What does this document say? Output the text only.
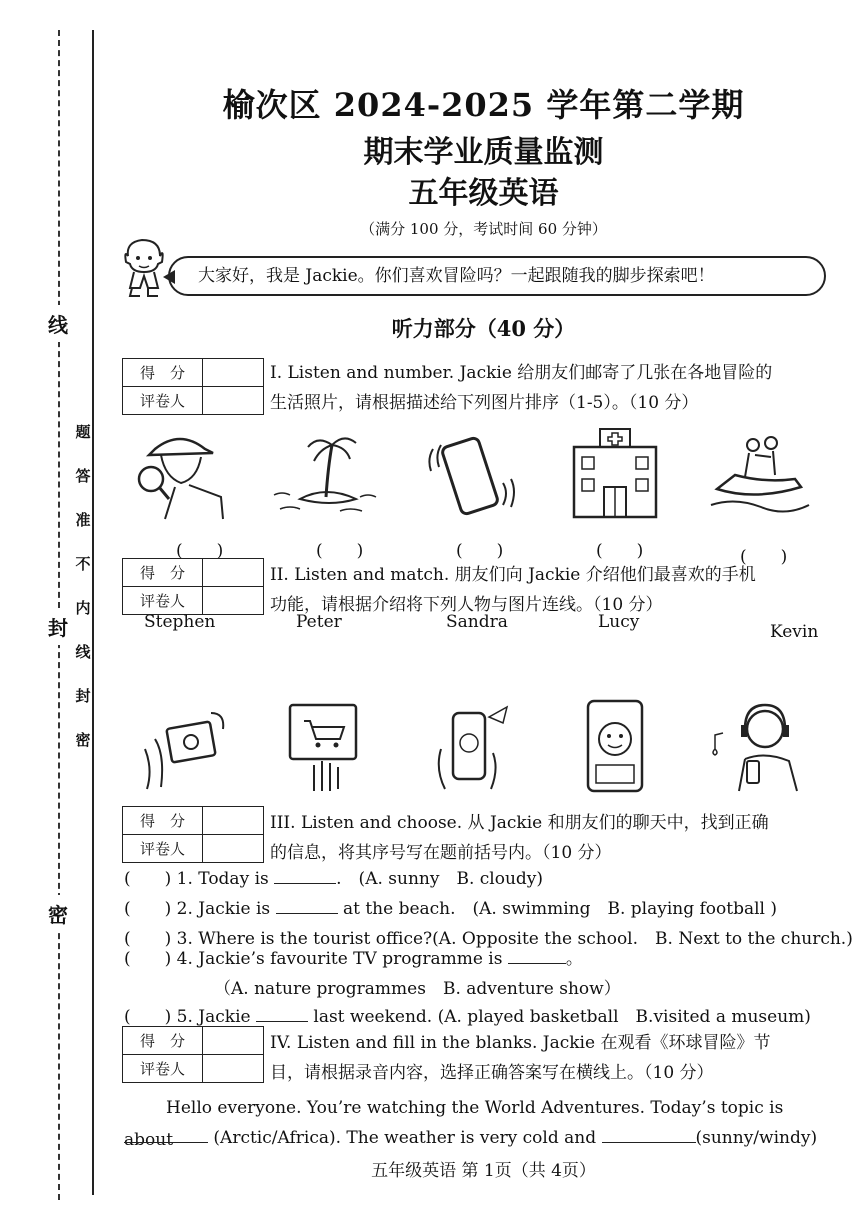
线
封
密
题
答
准
不
内
线
封
密
榆次区 2024-2025 学年第二学期
期末学业质量监测
五年级英语
（满分 100 分，考试时间 60 分钟）
大家好，我是 Jackie。你们喜欢冒险吗？一起跟随我的脚步探索吧！
听力部分（40 分）
得　分	
评卷人	
I. Listen and number. Jackie 给朋友们邮寄了几张在各地冒险的
生活照片，请根据描述给下列图片排序（1-5）。（10 分）
(　　)	(　　)	(　　)	(　　)	(　　)
得　分	
评卷人	
II. Listen and match. 朋友们向 Jackie 介绍他们最喜欢的手机
功能，请根据介绍将下列人物与图片连线。（10 分）
Stephen	Peter	Sandra	Lucy	Kevin
得　分	
评卷人	
III. Listen and choose. 从 Jackie 和朋友们的聊天中，找到正确
的信息，将其序号写在题前括号内。（10 分）
(　　) 1. Today is	.　(A. sunny　B. cloudy)
(　　) 2. Jackie is	at the beach.　(A. swimming　B. playing football )
(　　) 3. Where is the tourist office?(A. Opposite the school.　B. Next to the church.)
(　　) 4. Jackie’s favourite TV programme is	。
（A. nature programmes　B. adventure show）
(　　) 5. Jackie	last weekend. (A. played basketball　B.visited a museum)
得　分	
评卷人	
IV. Listen and fill in the blanks. Jackie 在观看《环球冒险》节
目，请根据录音内容，选择正确答案写在横线上。（10 分）
Hello everyone. You’re watching the World Adventures. Today’s topic is about	(Arctic/Africa). The weather is very cold and	(sunny/windy)
五年级英语 第 1页（共 4页）
